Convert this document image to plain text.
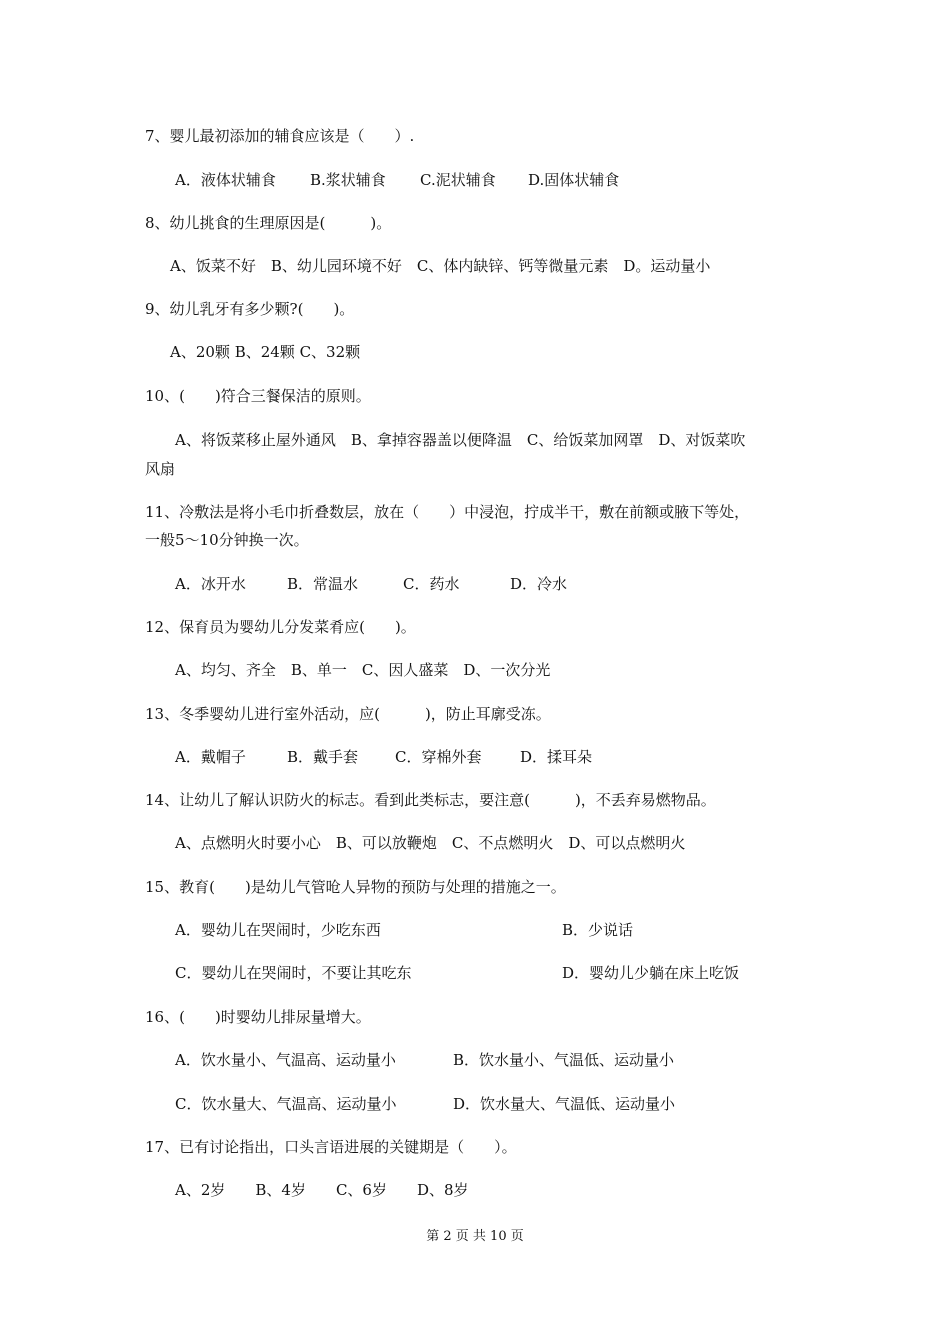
7、婴儿最初添加的辅食应该是（　　）.
A．液体状辅食 B.浆状辅食 C.泥状辅食 D.固体状辅食
8、幼儿挑食的生理原因是(　　　)。
A、饭菜不好　B、幼儿园环境不好　C、体内缺锌、钙等微量元素　D。运动量小
9、幼儿乳牙有多少颗?(　　)。
A、20颗 B、24颗 C、32颗
10、(　　)符合三餐保洁的原则。
A、将饭菜移止屋外通风　B、拿掉容器盖以便降温　C、给饭菜加网罩　D、对饭菜吹
风扇
11、冷敷法是将小毛巾折叠数层，放在（　　）中浸泡，拧成半干，敷在前额或腋下等处，
一般5～10分钟换一次。
A．冰开水	B．常温水	C．药水	D．冷水
12、保育员为婴幼儿分发菜肴应(　　)。
A、均匀、齐全　B、单一　C、因人盛菜　D、一次分光
13、冬季婴幼儿进行室外活动，应(　　　)，防止耳廓受冻。
A．戴帽子	B．戴手套 C．穿棉外套	D．揉耳朵
14、让幼儿了解认识防火的标志。看到此类标志，要注意(　　　)，不丢弃易燃物品。
A、点燃明火时要小心　B、可以放鞭炮　C、不点燃明火　D、可以点燃明火
15、教育(　　)是幼儿气管呛人异物的预防与处理的措施之一。
A．婴幼儿在哭闹时，少吃东西	B．少说话
C．婴幼儿在哭闹时，不要让其吃东	D．婴幼儿少躺在床上吃饭
16、(　　)时婴幼儿排尿量增大。
A．饮水量小、气温高、运动量小	B．饮水量小、气温低、运动量小
C．饮水量大、气温高、运动量小	D．饮水量大、气温低、运动量小
17、已有讨论指出，口头言语进展的关键期是（　　）。
A、2岁　　B、4岁　　C、6岁　　D、8岁
第 2 页 共 10 页
